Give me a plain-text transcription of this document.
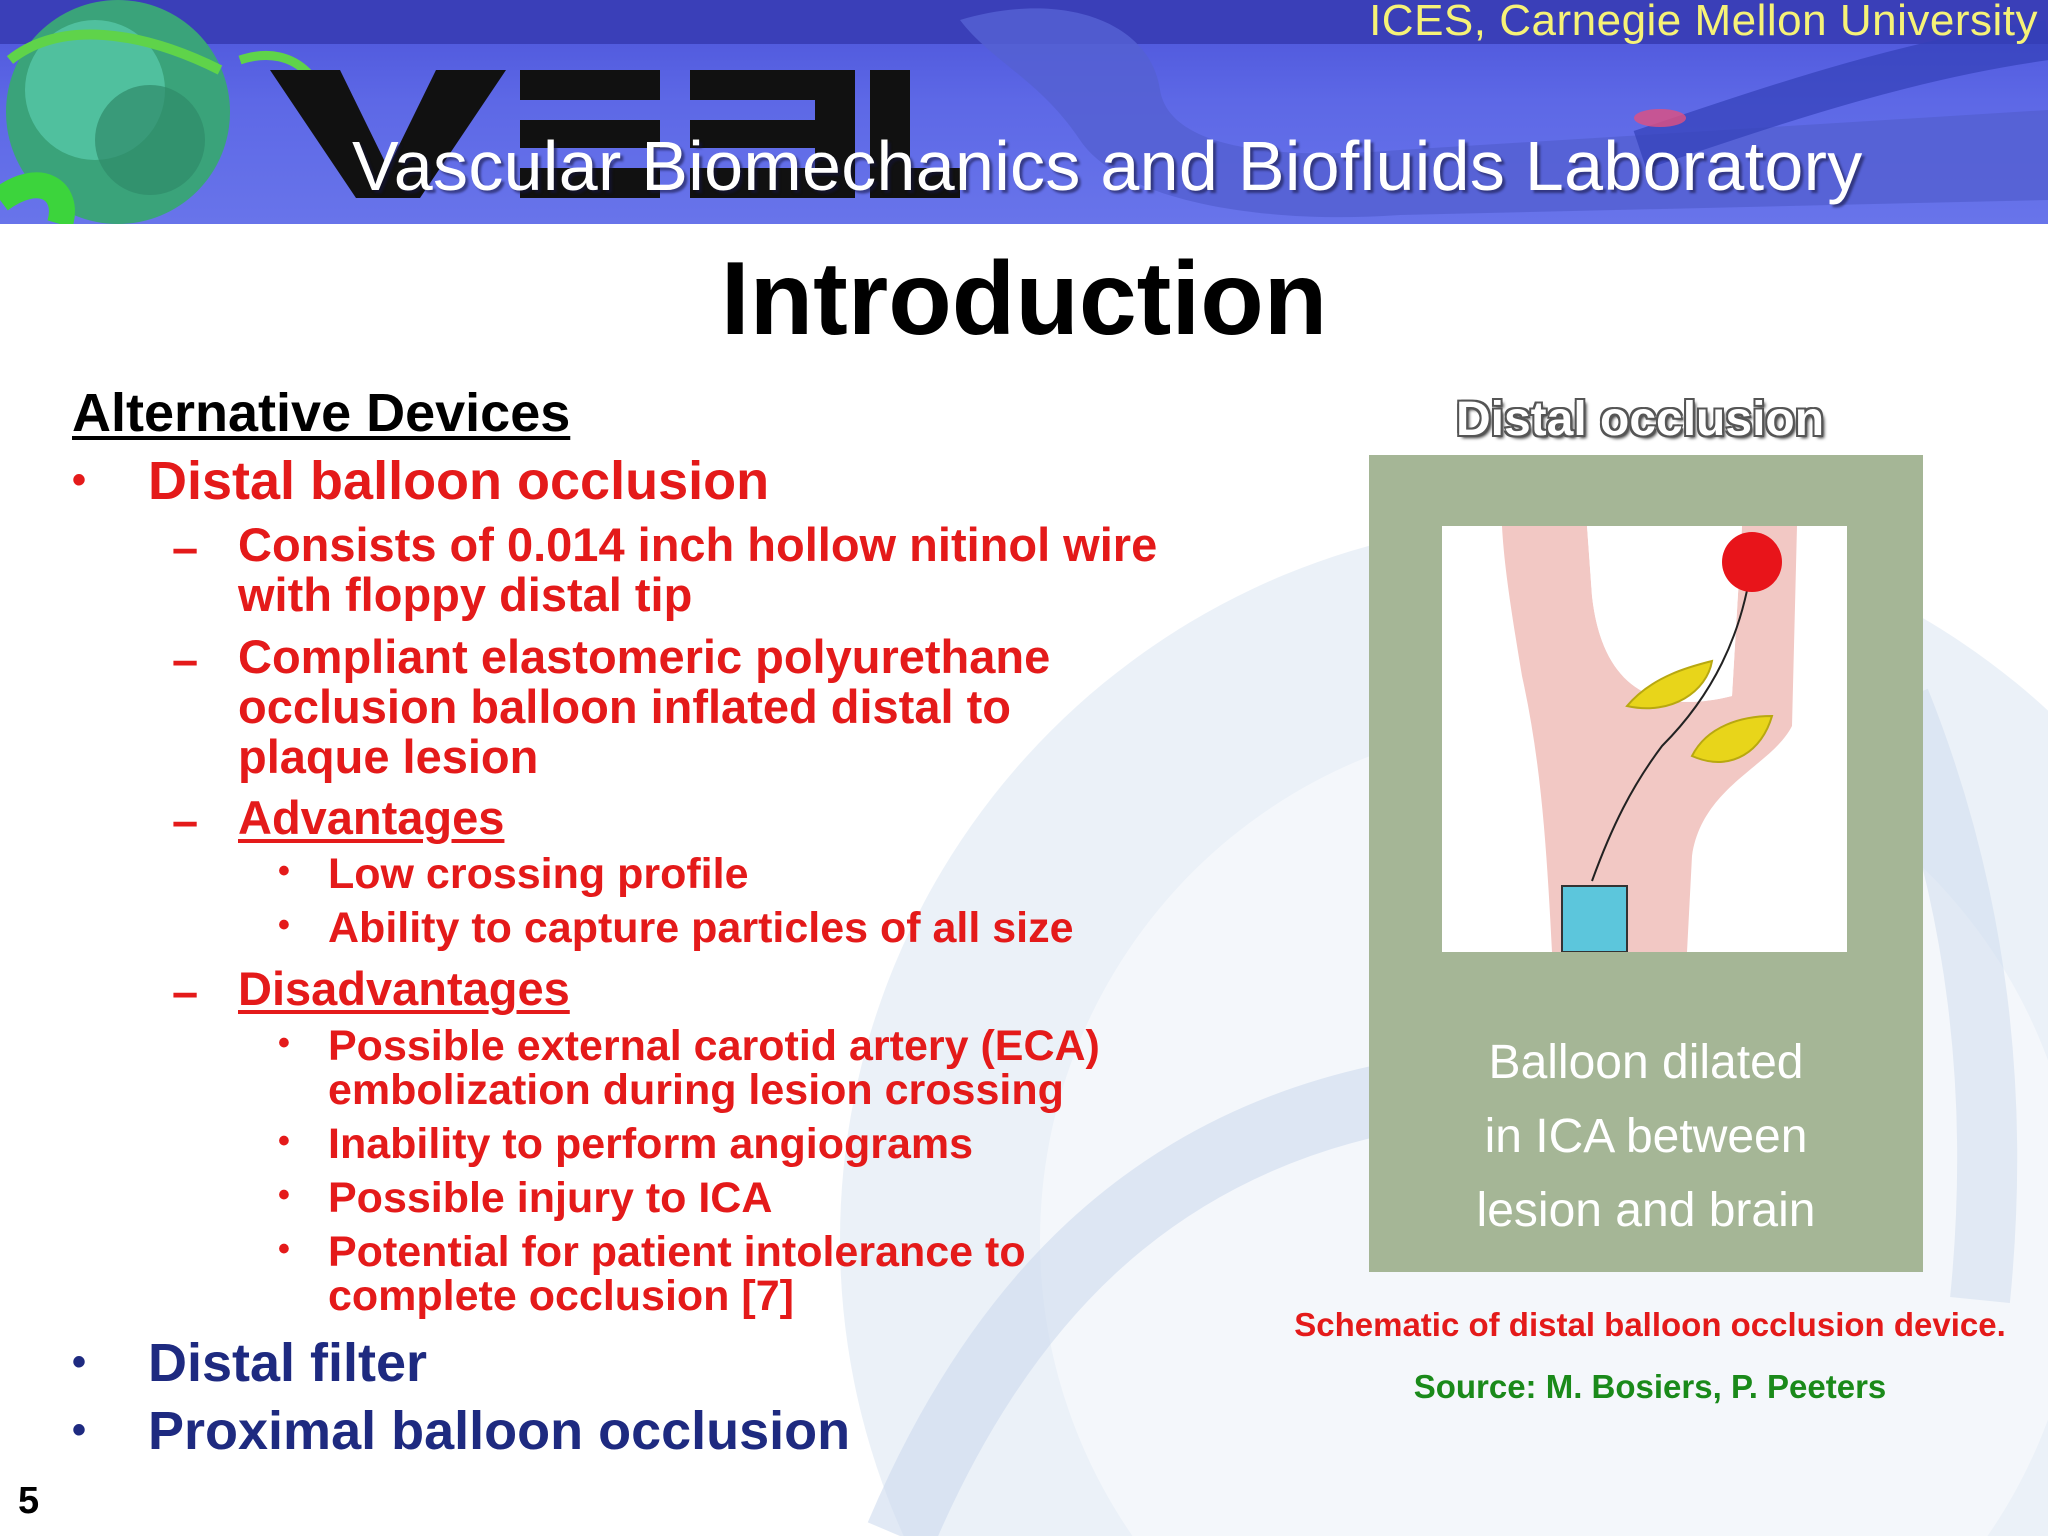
ICES, Carnegie Mellon University
Vascular Biomechanics and Biofluids Laboratory
Introduction
Alternative Devices
• Distal balloon occlusion
– Consists of 0.014 inch hollow nitinol wire
with floppy distal tip
– Compliant elastomeric polyurethane
occlusion balloon inflated distal to
plaque lesion
– Advantages
• Low crossing profile
• Ability to capture particles of all size
– Disadvantages
• Possible external carotid artery (ECA)
embolization during lesion crossing
• Inability to perform angiograms
• Possible injury to ICA
• Potential for patient intolerance to
complete occlusion [7]
• Distal filter
• Proximal balloon occlusion
Distal occlusion
Balloon dilated
in ICA between
lesion and brain
Schematic of distal balloon occlusion device.
Source: M. Bosiers, P. Peeters
5
